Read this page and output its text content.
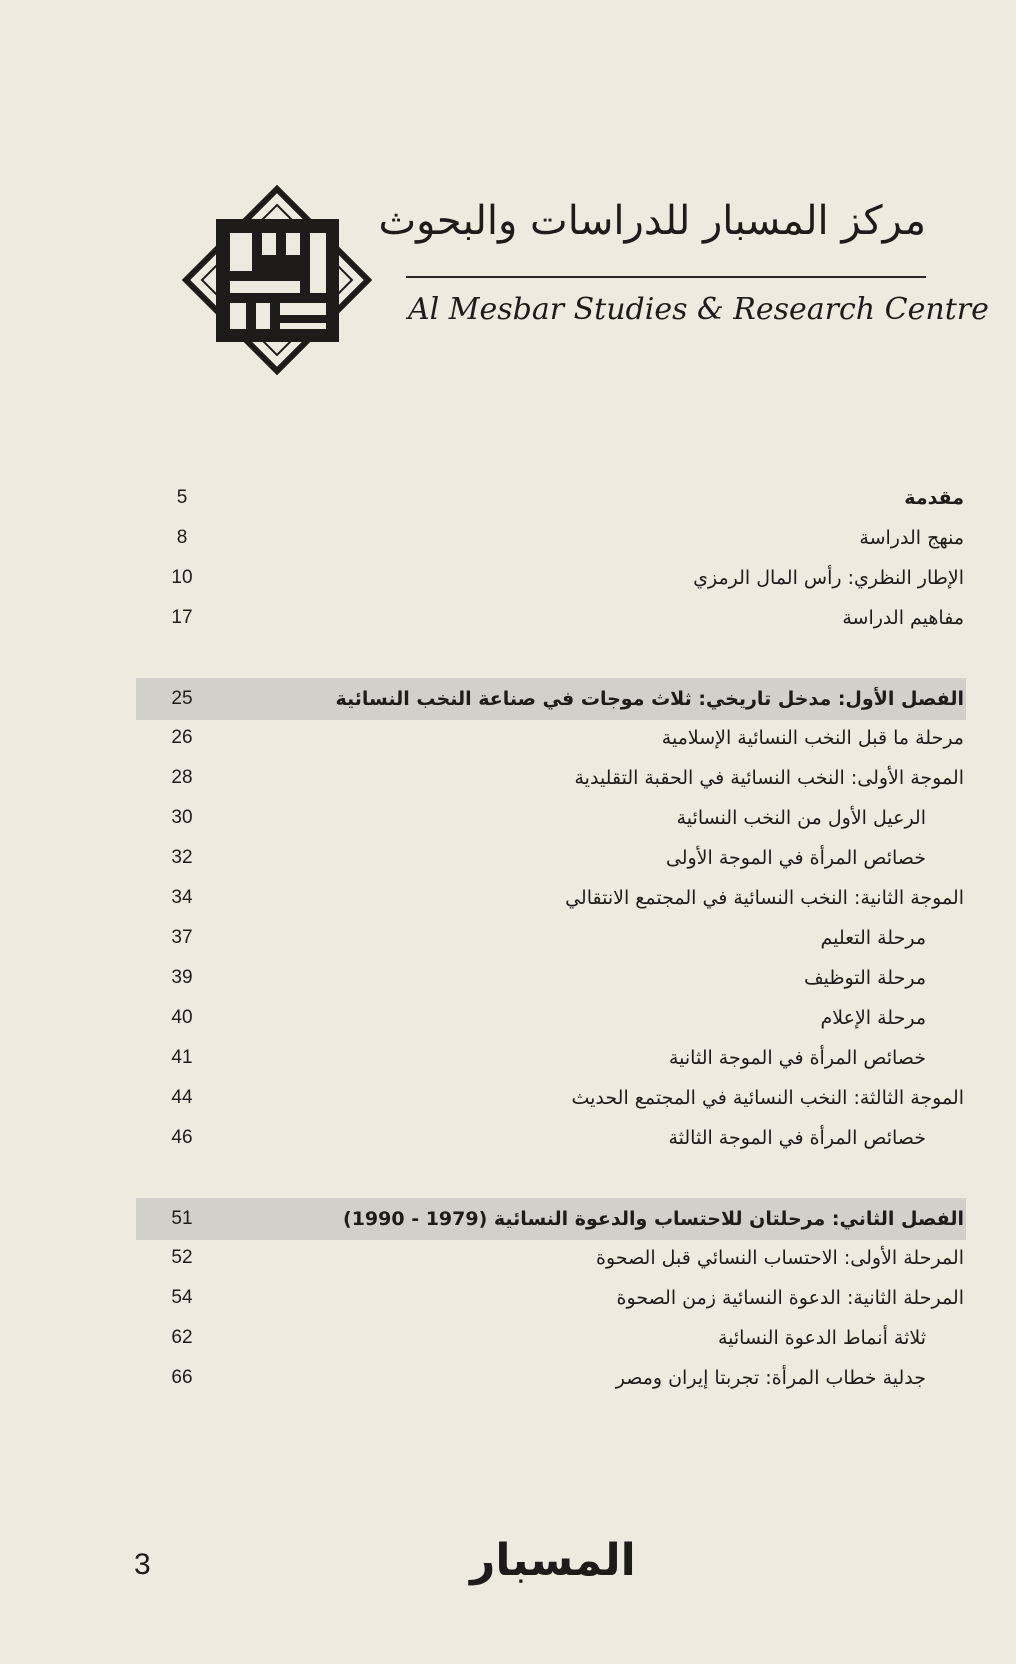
مركز المسبار للدراسات والبحوث
Al Mesbar Studies & Research Centre
مقدمة
5
منهج الدراسة
8
الإطار النظري: رأس المال الرمزي
10
مفاهيم الدراسة
17
الفصل الأول: مدخل تاريخي: ثلاث موجات في صناعة النخب النسائية
25
مرحلة ما قبل النخب النسائية الإسلامية
26
الموجة الأولى: النخب النسائية في الحقبة التقليدية
28
الرعيل الأول من النخب النسائية
30
خصائص المرأة في الموجة الأولى
32
الموجة الثانية: النخب النسائية في المجتمع الانتقالي
34
مرحلة التعليم
37
مرحلة التوظيف
39
مرحلة الإعلام
40
خصائص المرأة في الموجة الثانية
41
الموجة الثالثة: النخب النسائية في المجتمع الحديث
44
خصائص المرأة في الموجة الثالثة
46
الفصل الثاني: مرحلتان للاحتساب والدعوة النسائية (1979 - 1990)
51
المرحلة الأولى: الاحتساب النسائي قبل الصحوة
52
المرحلة الثانية: الدعوة النسائية زمن الصحوة
54
ثلاثة أنماط الدعوة النسائية
62
جدلية خطاب المرأة: تجربتا إيران ومصر
66
المسبار
3
